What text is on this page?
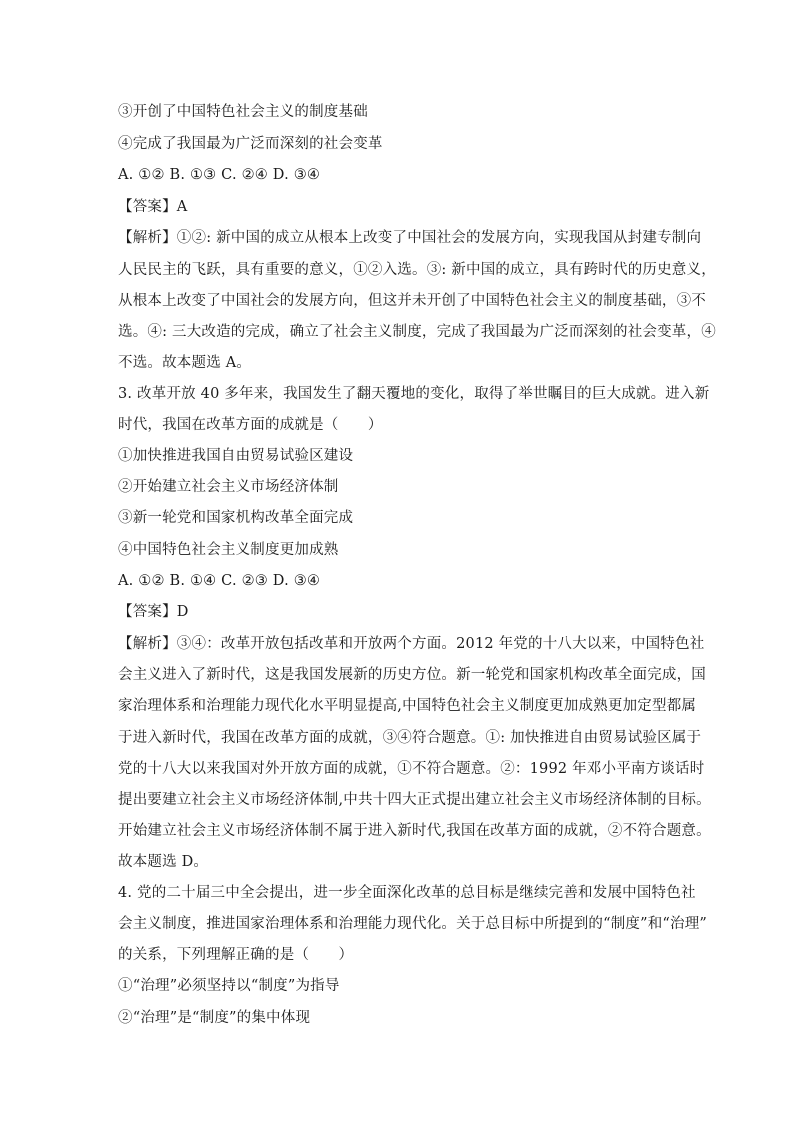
③开创了中国特色社会主义的制度基础
④完成了我国最为广泛而深刻的社会变革
A. ①② B. ①③ C. ②④ D. ③④
【答案】A
【解析】①②: 新中国的成立从根本上改变了中国社会的发展方向，实现我国从封建专制向
人民民主的飞跃，具有重要的意义，①②入选。③: 新中国的成立，具有跨时代的历史意义，
从根本上改变了中国社会的发展方向，但这并未开创了中国特色社会主义的制度基础，③不
选。④: 三大改造的完成，确立了社会主义制度，完成了我国最为广泛而深刻的社会变革，④
不选。故本题选 A。
3. 改革开放 40 多年来，我国发生了翻天覆地的变化，取得了举世瞩目的巨大成就。进入新
时代，我国在改革方面的成就是（　　）
①加快推进我国自由贸易试验区建设
②开始建立社会主义市场经济体制
③新一轮党和国家机构改革全面完成
④中国特色社会主义制度更加成熟
A. ①② B. ①④ C. ②③ D. ③④
【答案】D
【解析】③④：改革开放包括改革和开放两个方面。2012 年党的十八大以来，中国特色社
会主义进入了新时代，这是我国发展新的历史方位。新一轮党和国家机构改革全面完成，国
家治理体系和治理能力现代化水平明显提高,中国特色社会主义制度更加成熟更加定型都属
于进入新时代，我国在改革方面的成就，③④符合题意。①: 加快推进自由贸易试验区属于
党的十八大以来我国对外开放方面的成就，①不符合题意。②：1992 年邓小平南方谈话时
提出要建立社会主义市场经济体制,中共十四大正式提出建立社会主义市场经济体制的目标。
开始建立社会主义市场经济体制不属于进入新时代,我国在改革方面的成就，②不符合题意。
故本题选 D。
4. 党的二十届三中全会提出，进一步全面深化改革的总目标是继续完善和发展中国特色社
会主义制度，推进国家治理体系和治理能力现代化。关于总目标中所提到的“制度”和“治理”
的关系，下列理解正确的是（　　）
①“治理”必须坚持以“制度”为指导
②“治理”是“制度”的集中体现
